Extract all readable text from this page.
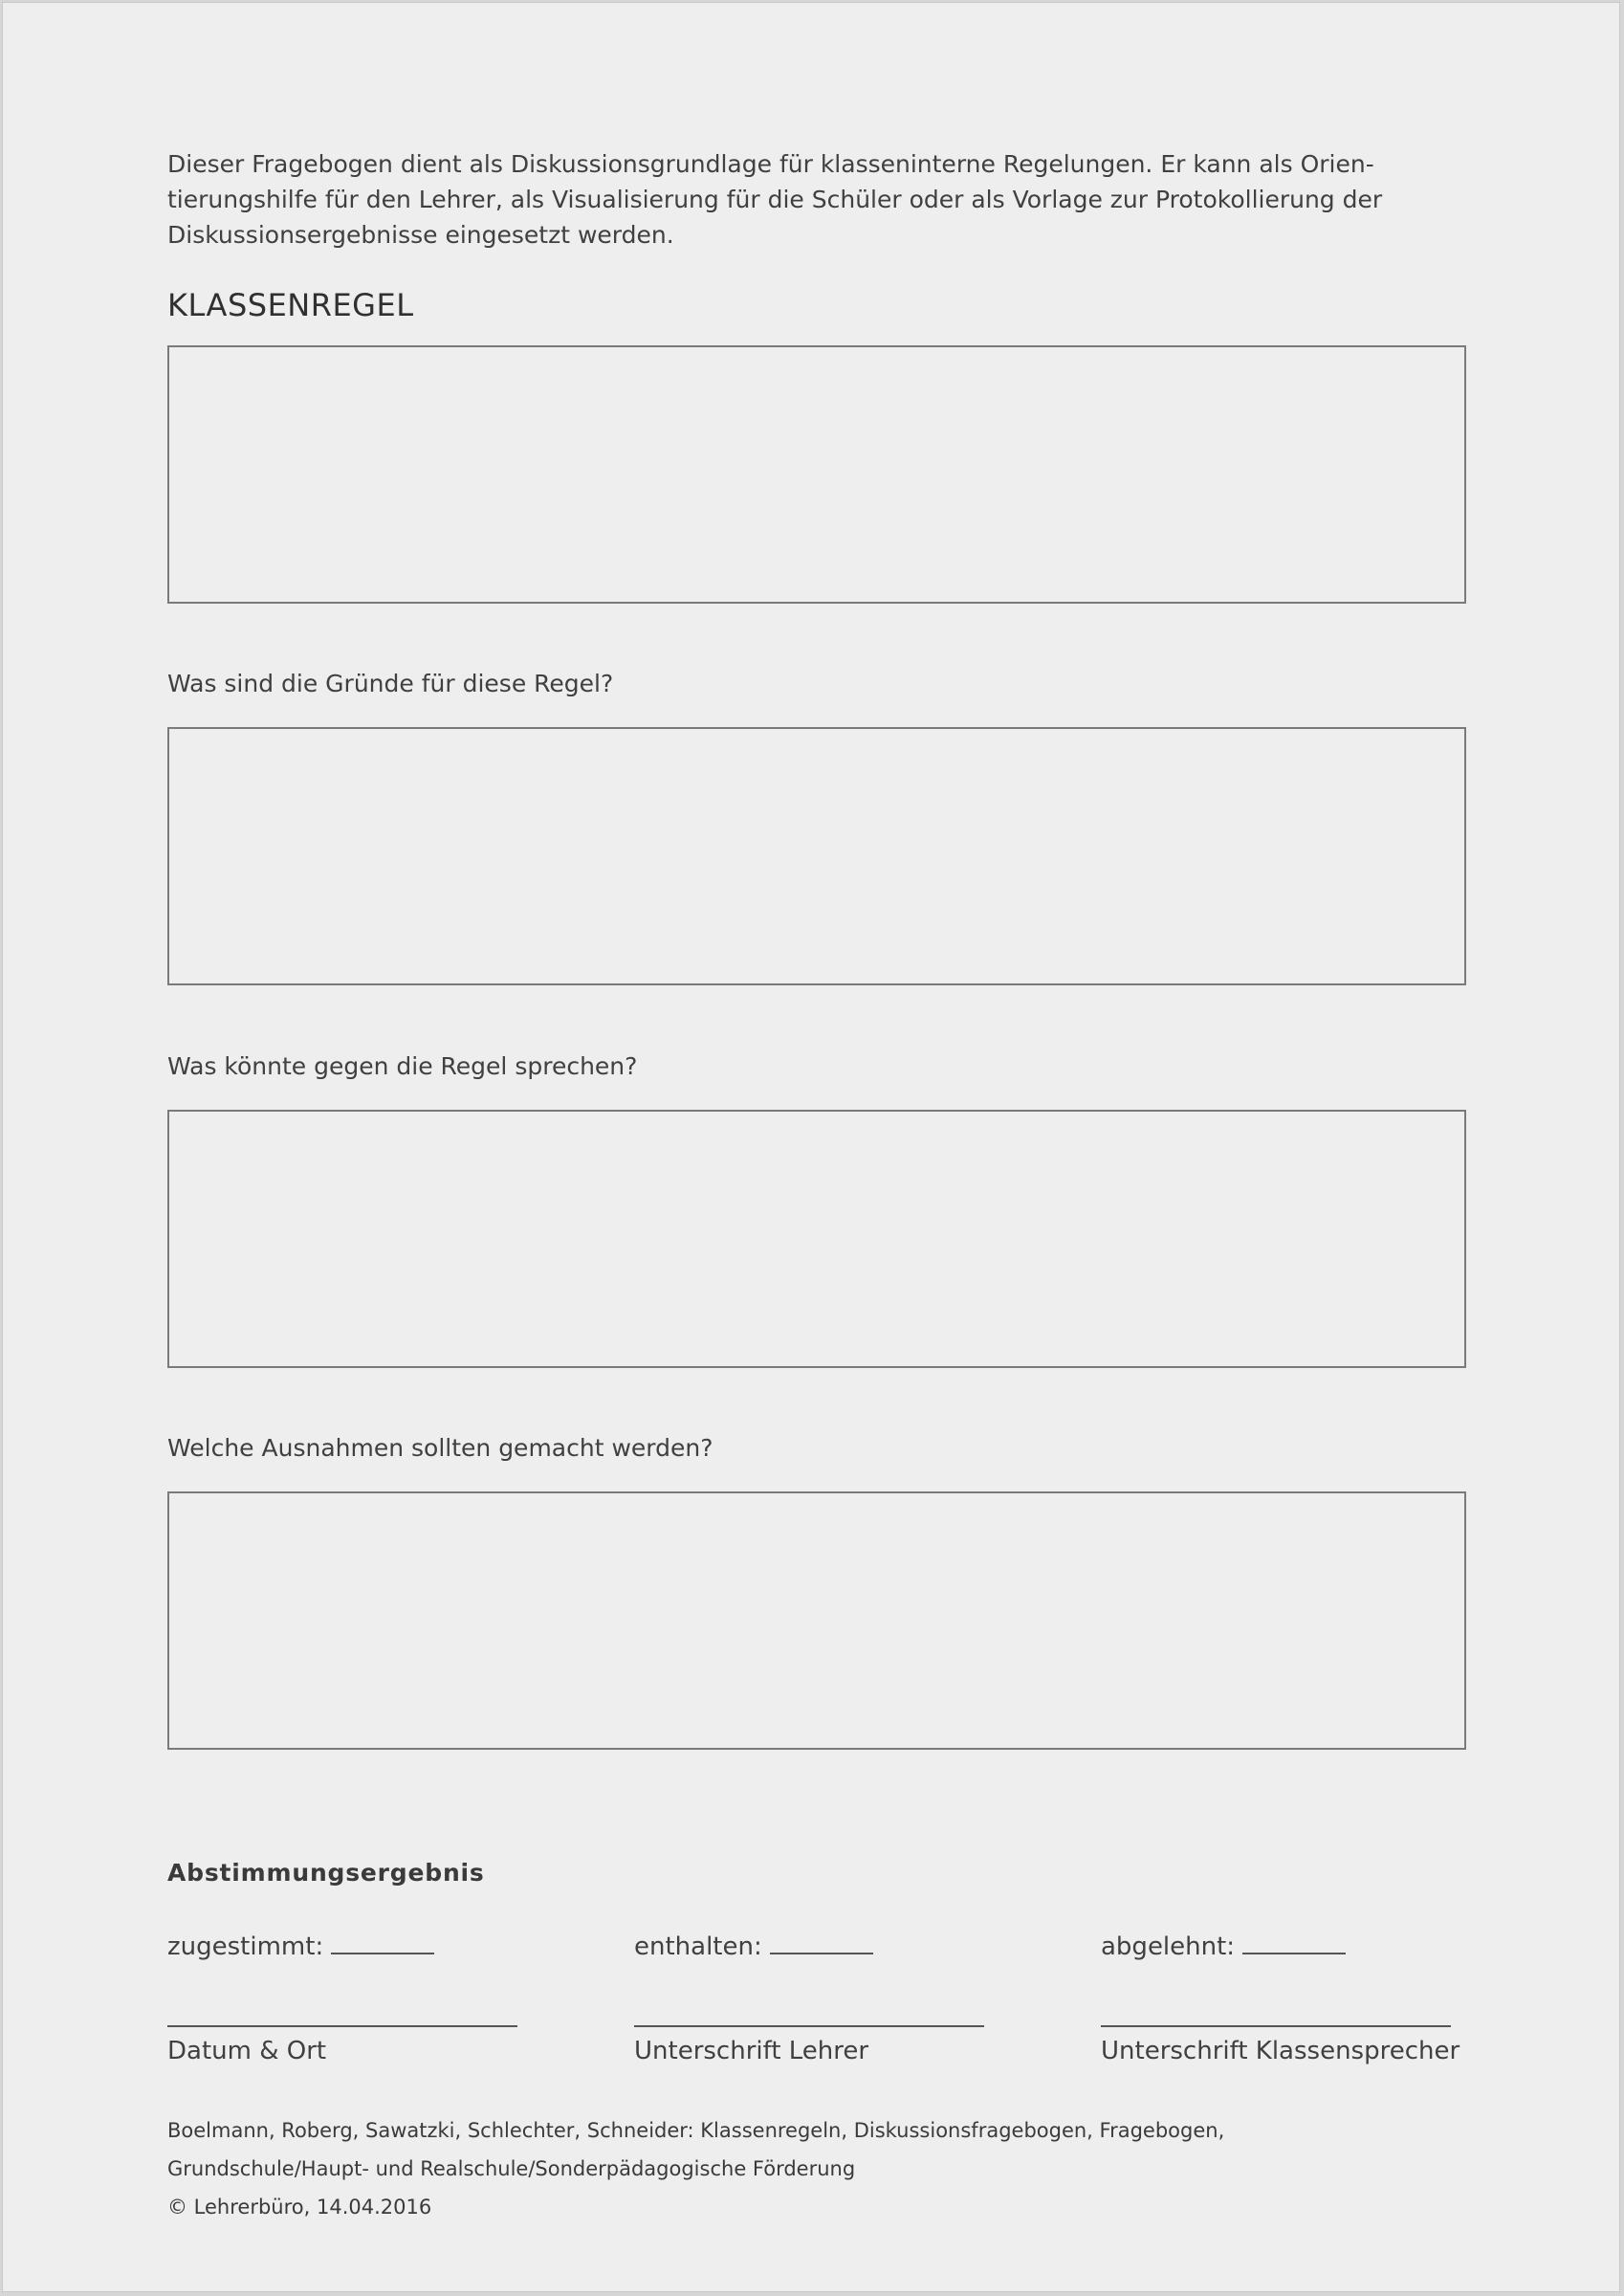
Dieser Fragebogen dient als Diskussionsgrundlage für klasseninterne Regelungen. Er kann als Orien-tierungshilfe für den Lehrer, als Visualisierung für die Schüler oder als Vorlage zur Protokollierung der Diskussionsergebnisse eingesetzt werden.

KLASSENREGEL

Was sind die Gründe für diese Regel?

Was könnte gegen die Regel sprechen?

Welche Ausnahmen sollten gemacht werden?

Abstimmungsergebnis

zugestimmt:	enthalten:	abgelehnt:
Datum & Ort	Unterschrift Lehrer	Unterschrift Klassensprecher

Boelmann, Roberg, Sawatzki, Schlechter, Schneider: Klassenregeln, Diskussionsfragebogen, Fragebogen,
Grundschule/Haupt- und Realschule/Sonderpädagogische Förderung
© Lehrerbüro, 14.04.2016
